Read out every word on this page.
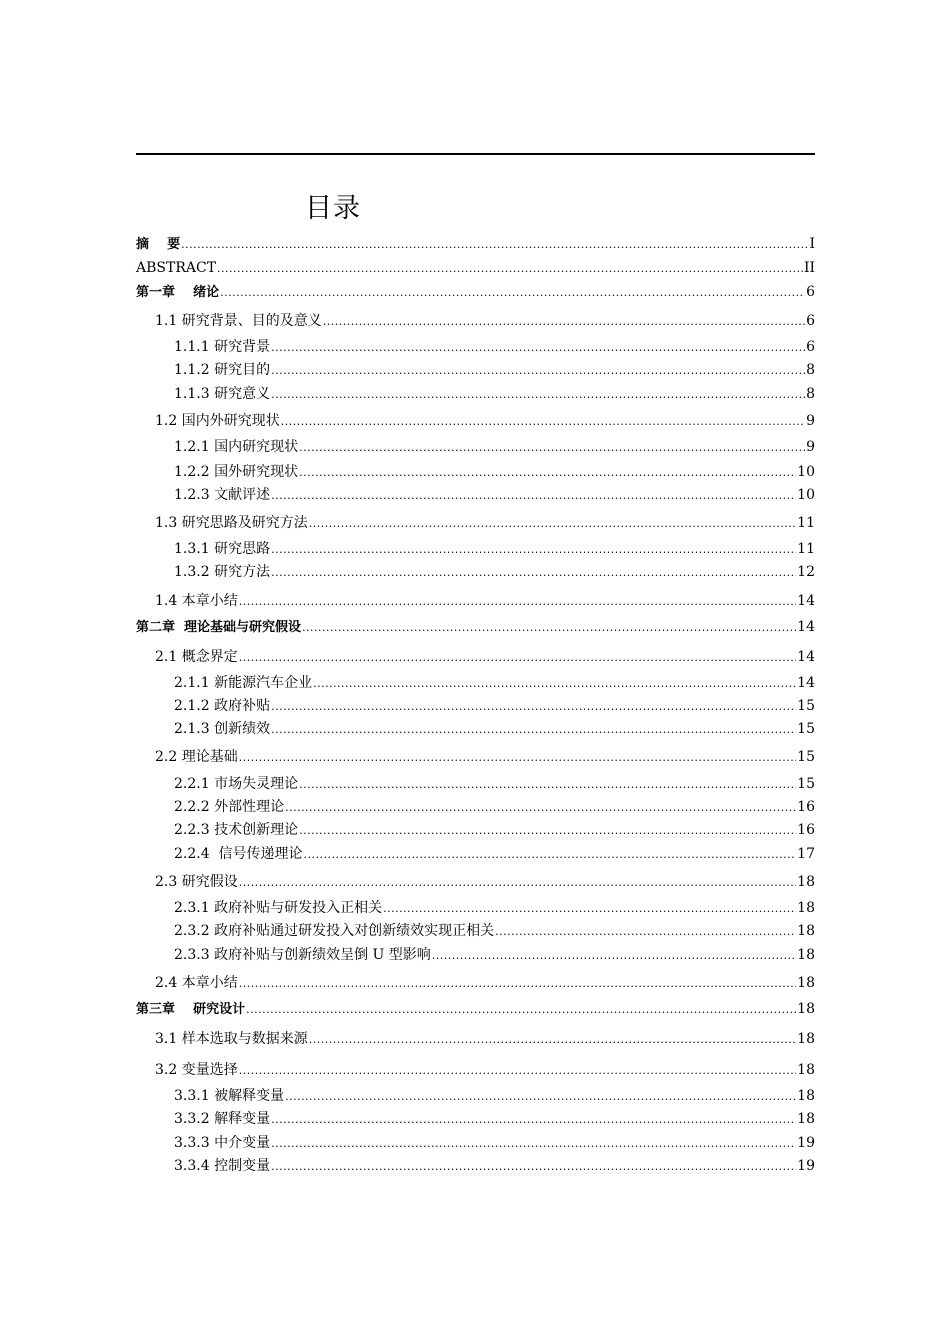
目录
摘    要 .....	I
ABSTRACT .....	II
第一章    绪论 .....	6
1.1 研究背景、目的及意义 .....	6
1.1.1 研究背景 .....	6
1.1.2 研究目的 .....	8
1.1.3 研究意义 .....	8
1.2 国内外研究现状 .....	9
1.2.1 国内研究现状 .....	9
1.2.2 国外研究现状 .....	10
1.2.3 文献评述 .....	10
1.3 研究思路及研究方法 .....	11
1.3.1 研究思路 .....	11
1.3.2 研究方法 .....	12
1.4 本章小结 .....	14
第二章  理论基础与研究假设 .....	14
2.1 概念界定 .....	14
2.1.1 新能源汽车企业 .....	14
2.1.2 政府补贴 .....	15
2.1.3 创新绩效 .....	15
2.2 理论基础 .....	15
2.2.1 市场失灵理论 .....	15
2.2.2 外部性理论 .....	16
2.2.3 技术创新理论 .....	16
2.2.4  信号传递理论 .....	17
2.3 研究假设 .....	18
2.3.1 政府补贴与研发投入正相关 .....	18
2.3.2 政府补贴通过研发投入对创新绩效实现正相关 .....	18
2.3.3 政府补贴与创新绩效呈倒 U 型影响 .....	18
2.4 本章小结 .....	18
第三章    研究设计 .....	18
3.1 样本选取与数据来源 .....	18
3.2 变量选择 .....	18
3.3.1 被解释变量 .....	18
3.3.2 解释变量 .....	18
3.3.3 中介变量 .....	19
3.3.4 控制变量 .....	19
